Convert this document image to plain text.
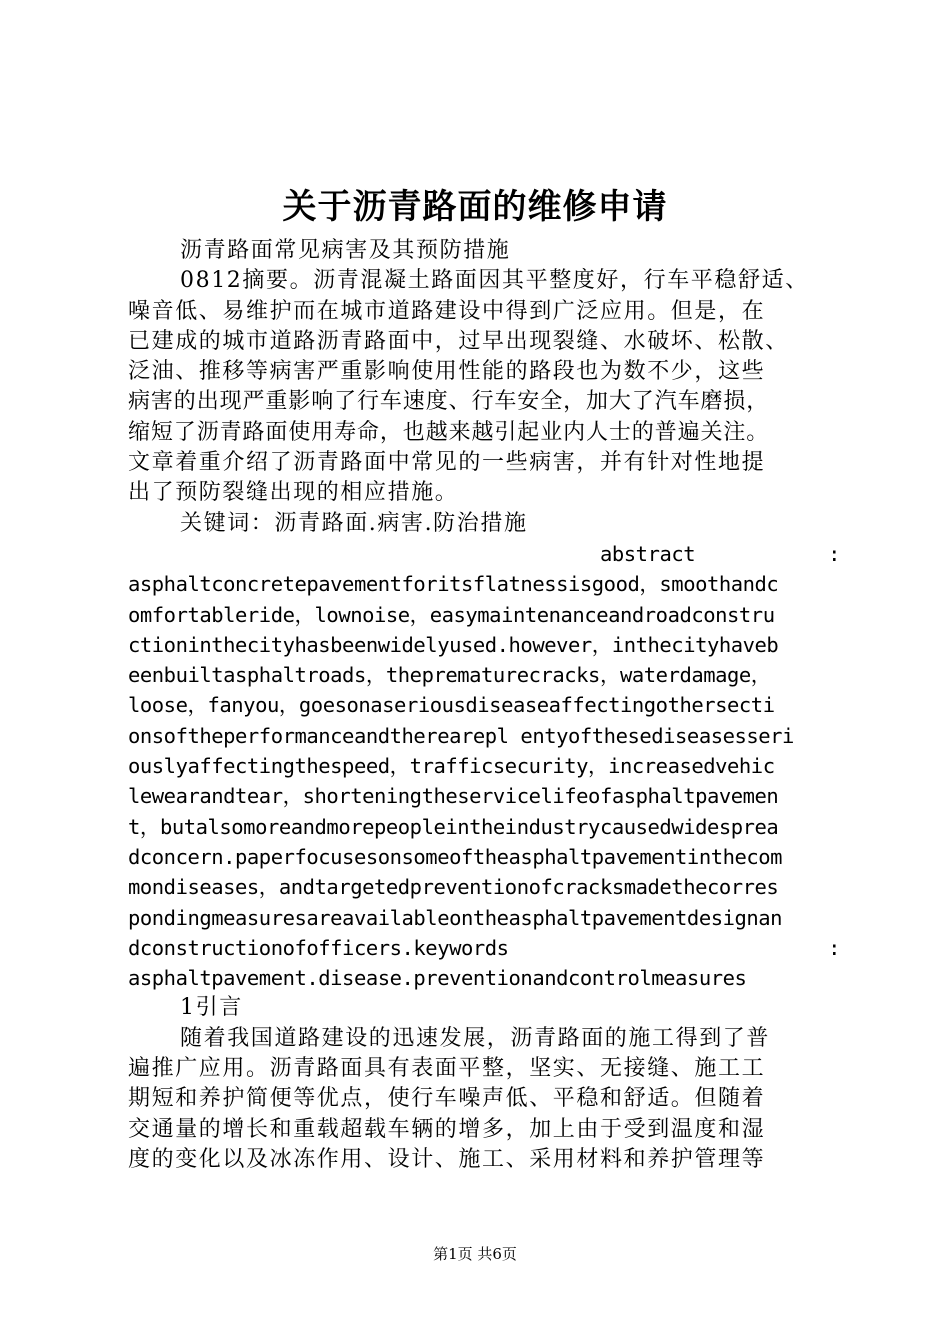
关于沥青路面的维修申请
沥青路面常见病害及其预防措施
0812摘要。沥青混凝土路面因其平整度好，行车平稳舒适、
噪音低、易维护而在城市道路建设中得到广泛应用。但是，在
已建成的城市道路沥青路面中，过早出现裂缝、水破坏、松散、
泛油、推移等病害严重影响使用性能的路段也为数不少，这些
病害的出现严重影响了行车速度、行车安全，加大了汽车磨损，
缩短了沥青路面使用寿命，也越来越引起业内人士的普遍关注。
文章着重介绍了沥青路面中常见的一些病害，并有针对性地提
出了预防裂缝出现的相应措施。
关键词：沥青路面.病害.防治措施
abstract	:
asphaltconcretepavementforitsflatnessisgood，smoothandc
omfortableride，lownoise，easymaintenanceandroadconstru
ctioninthecityhasbeenwidelyused.however，inthecityhaveb
eenbuiltasphaltroads，theprematurecracks，waterdamage，
loose，fanyou，goesonaseriousdiseaseaffectingothersecti
onsoftheperformanceandtherearepl entyofthesediseasesseri
ouslyaffectingthespeed，trafficsecurity，increasedvehic
lewearandtear，shorteningtheservicelifeofasphaltpavemen
t，butalsomoreandmorepeopleintheindustrycausedwidesprea
dconcern.paperfocusesonsomeoftheasphaltpavementinthecom
mondiseases，andtargetedpreventionofcracksmadethecorres
pondingmeasuresareavailableontheasphaltpavementdesignan
dconstructionofofficers.keywords	:
asphaltpavement.disease.preventionandcontrolmeasures
1引言
随着我国道路建设的迅速发展，沥青路面的施工得到了普
遍推广应用。沥青路面具有表面平整，坚实、无接缝、施工工
期短和养护简便等优点，使行车噪声低、平稳和舒适。但随着
交通量的增长和重载超载车辆的增多，加上由于受到温度和湿
度的变化以及冰冻作用、设计、施工、采用材料和养护管理等
第1页 共6页
